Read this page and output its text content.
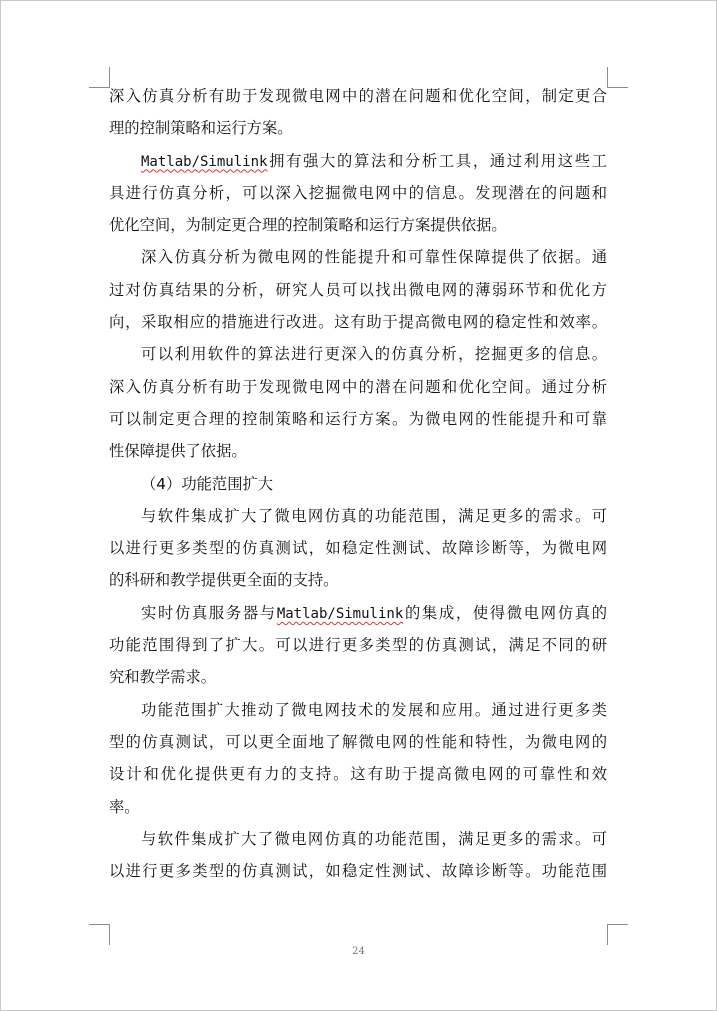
深入仿真分析有助于发现微电网中的潜在问题和优化空间，制定更合
理的控制策略和运行方案。
Matlab/Simulink拥有强大的算法和分析工具，通过利用这些工
具进行仿真分析，可以深入挖掘微电网中的信息。发现潜在的问题和
优化空间，为制定更合理的控制策略和运行方案提供依据。
深入仿真分析为微电网的性能提升和可靠性保障提供了依据。通
过对仿真结果的分析，研究人员可以找出微电网的薄弱环节和优化方
向，采取相应的措施进行改进。这有助于提高微电网的稳定性和效率。
可以利用软件的算法进行更深入的仿真分析，挖掘更多的信息。
深入仿真分析有助于发现微电网中的潜在问题和优化空间。通过分析
可以制定更合理的控制策略和运行方案。为微电网的性能提升和可靠
性保障提供了依据。
（4）功能范围扩大
与软件集成扩大了微电网仿真的功能范围，满足更多的需求。可
以进行更多类型的仿真测试，如稳定性测试、故障诊断等，为微电网
的科研和教学提供更全面的支持。
实时仿真服务器与Matlab/Simulink的集成，使得微电网仿真的
功能范围得到了扩大。可以进行更多类型的仿真测试，满足不同的研
究和教学需求。
功能范围扩大推动了微电网技术的发展和应用。通过进行更多类
型的仿真测试，可以更全面地了解微电网的性能和特性，为微电网的
设计和优化提供更有力的支持。这有助于提高微电网的可靠性和效
率。
与软件集成扩大了微电网仿真的功能范围，满足更多的需求。可
以进行更多类型的仿真测试，如稳定性测试、故障诊断等。功能范围
24
